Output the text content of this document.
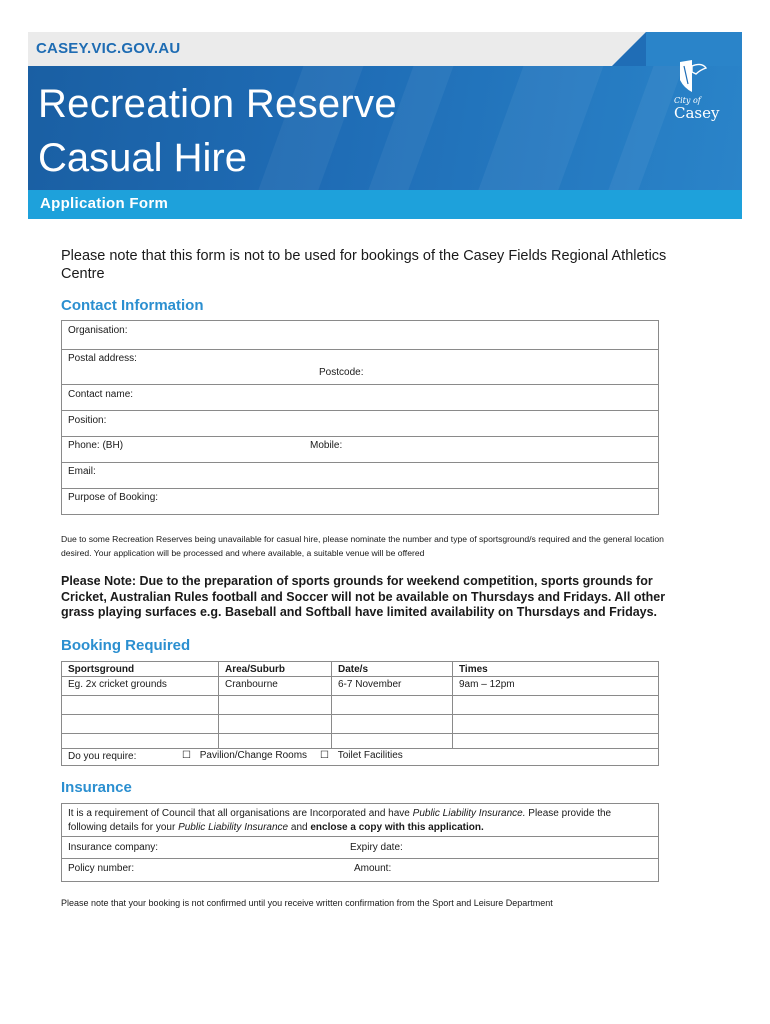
CASEY.VIC.GOV.AU
Recreation Reserve
Casual Hire
City of
Casey
Application Form
Please note that this form is not to be used for bookings of the Casey Fields Regional Athletics Centre
Contact Information
Organisation:
Postal address:
Postcode:
Contact name:
Position:
Phone: (BH)	Mobile:
Email:
Purpose of Booking:
Due to some Recreation Reserves being unavailable for casual hire, please nominate the number and type of sportsground/s required and the general location desired. Your application will be processed and where available, a suitable venue will be offered
Please Note: Due to the preparation of sports grounds for weekend competition, sports grounds for Cricket, Australian Rules football and Soccer will not be available on Thursdays and Fridays. All other grass playing surfaces e.g. Baseball and Softball have limited availability on Thursdays and Fridays.
Booking Required
Sportsground	Area/Suburb	Date/s	Times
Eg. 2x cricket grounds	Cranbourne	6-7 November	9am – 12pm
Do you require:	☐ Pavilion/Change Rooms ☐ Toilet Facilities
Insurance
It is a requirement of Council that all organisations are Incorporated and have Public Liability Insurance. Please provide the following details for your Public Liability Insurance and enclose a copy with this application.
Insurance company:	Expiry date:
Policy number:	Amount:
Please note that your booking is not confirmed until you receive written confirmation from the Sport and Leisure Department
